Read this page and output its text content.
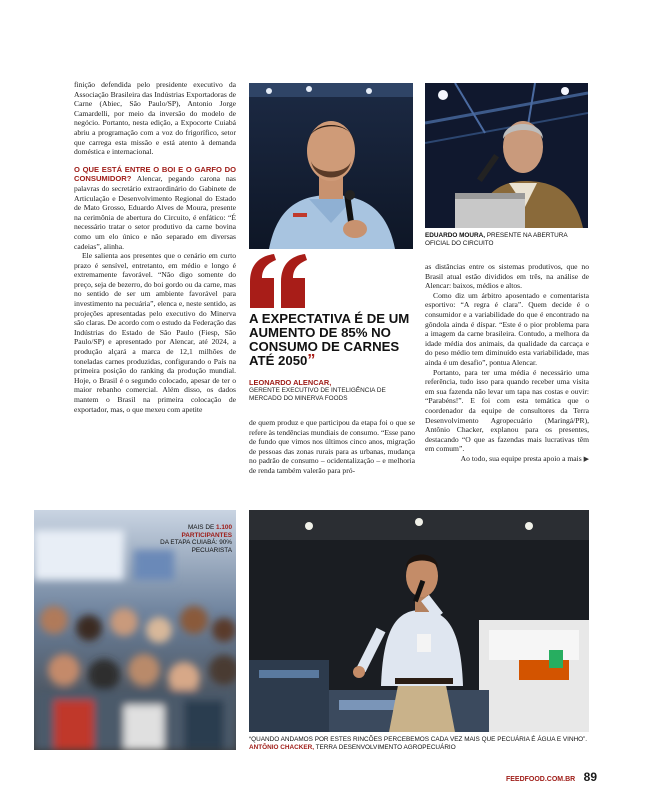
finição defendida pelo presidente executivo da Associação Brasileira das Indústrias Exportadoras de Carne (Abiec, São Paulo/SP), Antonio Jorge Camardelli, por meio da inversão do modelo de negócio. Portanto, nesta edição, a Expocorte Cuiabá abriu a programação com a voz do frigorífico, setor que carrega esta missão e está atento à demanda doméstica e internacional.

O QUE ESTÁ ENTRE O BOI E O GARFO DO CONSUMIDOR? Alencar, pegando carona nas palavras do secretário extraordinário do Gabinete de Articulação e Desenvolvimento Regional do Estado de Mato Grosso, Eduardo Alves de Moura, presente na cerimônia de abertura do Circuito, é enfático: “É necessário tratar o setor produtivo da carne bovina como um elo único e não separado em diversas cadeias”, alinha.

Ele salienta aos presentes que o cenário em curto prazo é sensível, entretanto, em médio e longo é extremamente favorável. “Não digo somente do preço, seja de bezerro, do boi gordo ou da carne, mas no sentido de ser um ambiente favorável para investimento na pecuária”, elenca e, neste sentido, as projeções apresentadas pelo executivo do Minerva são claras. De acordo com o estudo da Federação das Indústrias do Estado de São Paulo (Fiesp, São Paulo/SP) e apresentado por Alencar, até 2024, a produção alçará a marca de 12,1 milhões de toneladas carnes produzidas, configurando o País na primeira posição do ranking da produção mundial. Hoje, o Brasil é o segundo colocado, apesar de ter o maior rebanho comercial. Além disso, os dados mantem o Brasil na primeira colocação de exportador, mas, o que mexeu com apetite

EDUARDO MOURA, PRESENTE NA ABERTURA OFICIAL DO CIRCUITO
A EXPECTATIVA É DE UM AUMENTO DE 85% NO CONSUMO DE CARNES ATÉ 2050”
LEONARDO ALENCAR,
GERENTE EXECUTIVO DE INTELIGÊNCIA DE MERCADO DO MINERVA FOODS

de quem produz e que participou da etapa foi o que se refere às tendências mundiais de consumo. “Esse pano de fundo que vimos nos últimos cinco anos, migração de pessoas das zonas rurais para as urbanas, mudança no padrão de consumo – ocidentalização – e melhoria de renda também valerão para pró-

as distâncias entre os sistemas produtivos, que no Brasil atual estão divididos em três, na análise de Alencar: baixos, médios e altos.

Como diz um árbitro aposentado e comentarista esportivo: “A regra é clara”. Quem decide é o consumidor e a variabilidade do que é encontrado na gôndola ainda é díspar. “Este é o pior problema para a imagem da carne brasileira. Contudo, a melhora da idade média dos animais, da qualidade da carcaça e do peso médio tem diminuído esta variabilidade, mas ainda é um desafio”, pontua Alencar.

Portanto, para ter uma média é necessário uma referência, tudo isso para quando receber uma visita em sua fazenda não levar um tapa nas costas e ouvir: “Parabéns!”. E foi com esta temática que o coordenador da equipe de consultores da Terra Desenvolvimento Agropecuário (Maringá/PR), Antônio Chacker, explanou para os presentes, destacando “O que as fazendas mais lucrativas têm em comum”.

Ao todo, sua equipe presta apoio a mais ▶

MAIS DE 1.100 PARTICIPANTES
DA ETAPA CUIABÁ: 90% PECUARISTA
“QUANDO ANDAMOS POR ESTES RINCÕES PERCEBEMOS CADA VEZ MAIS QUE PECUÁRIA É ÁGUA E VINHO”. ANTÔNIO CHACKER, TERRA DESENVOLVIMENTO AGROPECUÁRIO
FEEDFOOD.COM.BR 89
